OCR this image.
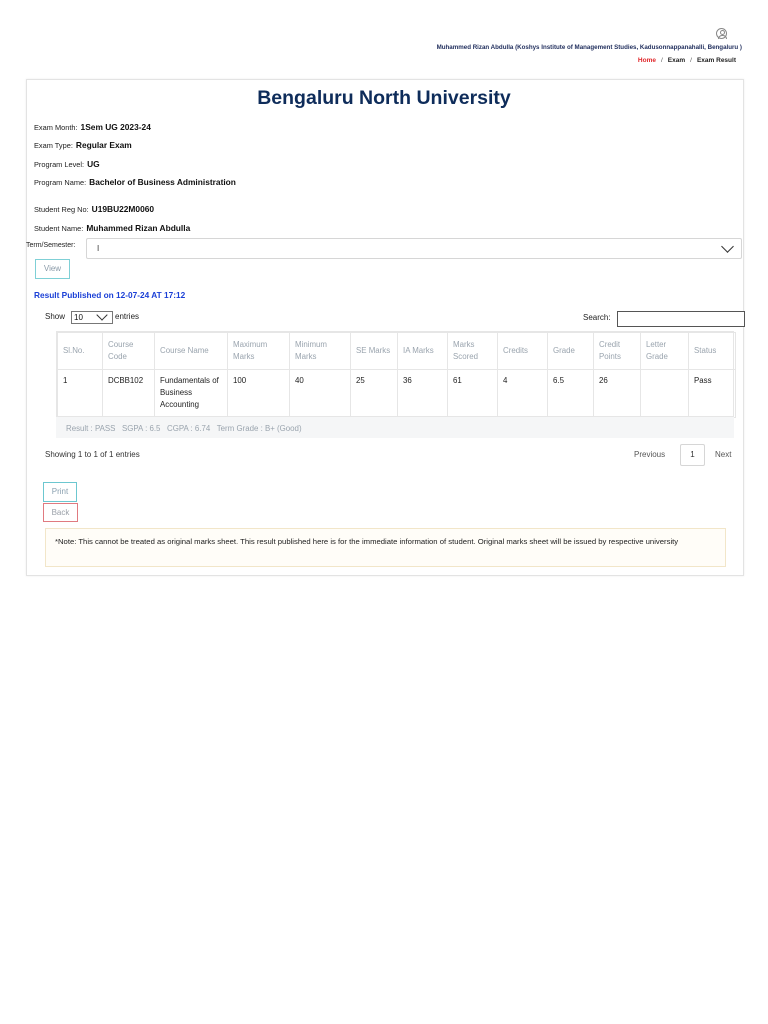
Muhammed Rizan Abdulla (Koshys Institute of Management Studies, Kadusonnappanahalli, Bengaluru )
Home / Exam / Exam Result
Bengaluru North University
Exam Month: 1Sem UG 2023-24
Exam Type: Regular Exam
Program Level: UG
Program Name: Bachelor of Business Administration
Student Reg No: U19BU22M0060
Student Name: Muhammed Rizan Abdulla
Term/Semester:	I
View
Result Published on 12-07-24 AT 17:12
Show 10	entries	Search:
Sl.No.	Course Code	Course Name	Maximum Marks	Minimum Marks	SE Marks	IA Marks	Marks Scored	Credits	Grade	Credit Points	Letter Grade	Status
1	DCBB102	Fundamentals of Business Accounting	100	40	25	36	61	4	6.5	26		Pass
Result : PASS   SGPA : 6.5   CGPA : 6.74   Term Grade : B+ (Good)
Showing 1 to 1 of 1 entries	Previous	1	Next
Print
Back
*Note: This cannot be treated as original marks sheet. This result published here is for the immediate information of student. Original marks sheet will be issued by respective university
